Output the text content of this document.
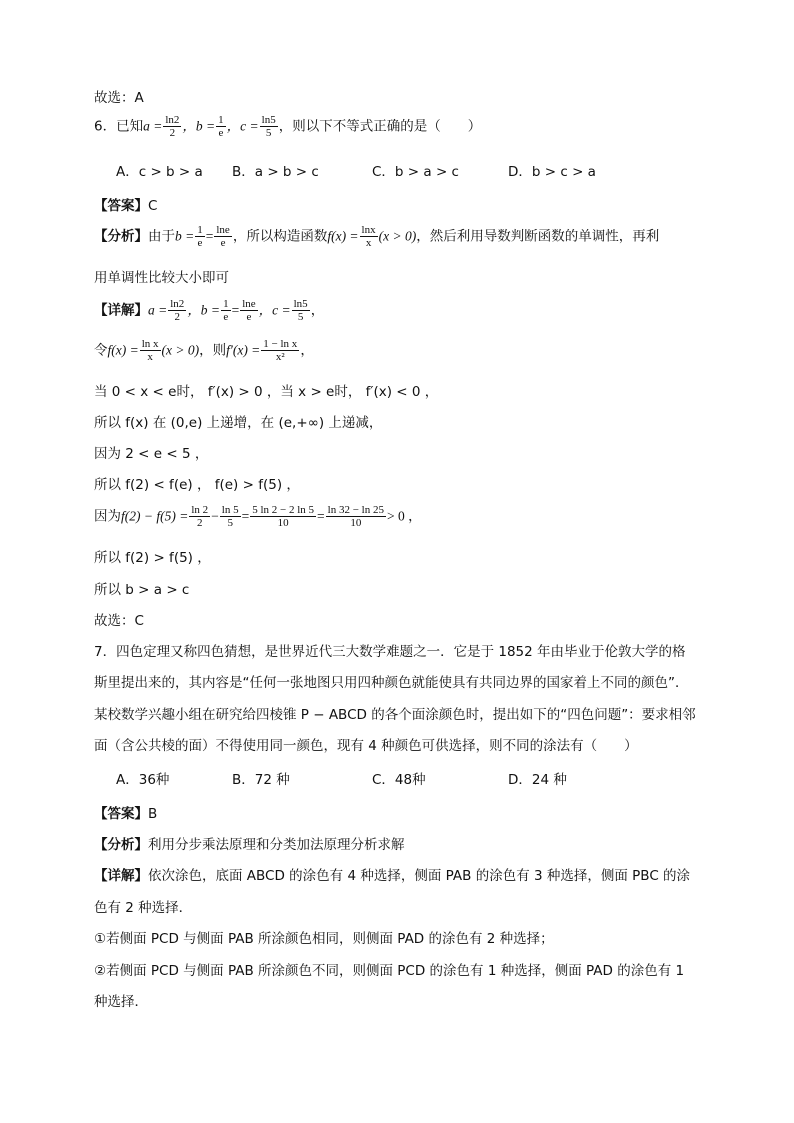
故选：A
6．已知$a = \frac{\ln 2}{2}$ ，$b = \frac{1}{e}$ ，$c = \frac{\ln 5}{5}$ ，则以下不等式正确的是（　　）
A．c > b > a B．a > b > c	C．b > a > c	D．b > c > a
【答案】C
【分析】由于$b = \frac{1}{e} = \frac{\ln e}{e}$ ，所以构造函数$f(x) = \frac{\ln x}{x} (x > 0)$，然后利用导数判断函数的单调性，再利
用单调性比较大小即可
【详解】$a = \frac{\ln 2}{2}$ ，$b = \frac{1}{e} = \frac{\ln e}{e}$ ，$c = \frac{\ln 5}{5}$ ，
令$f(x) = \frac{\text{ln x}}{x} (x > 0)$，则$f'(x) = \frac{\text{1 − ln x}}{\text{x²}}$ ，
当 0 < x < e时， f′(x) > 0 ，当 x > e时， f′(x) < 0 ，
所以 f(x) 在 (0,e) 上递增，在 (e,+∞) 上递减，
因为 2 < e < 5 ，
所以 f(2) < f(e) ， f(e) > f(5) ，
因为$f(2) - f(5) = \frac{\ln 2}{2} - \frac{\ln 5}{5} = \frac{5 \ln 2 - 2 \ln 5}{10} = \frac{\ln 32 - \ln 25}{10} > 0$ ，
所以 f(2) > f(5) ，
所以 b > a > c
故选：C
7．四色定理又称四色猜想，是世界近代三大数学难题之一．它是于 1852 年由毕业于伦敦大学的格
斯里提出来的，其内容是“任何一张地图只用四种颜色就能使具有共同边界的国家着上不同的颜色”．
某校数学兴趣小组在研究给四棱锥 P − ABCD 的各个面涂颜色时，提出如下的“四色问题”：要求相邻
面（含公共棱的面）不得使用同一颜色，现有 4 种颜色可供选择，则不同的涂法有（　　）
A．36种	B．72 种	C．48种	D．24 种
【答案】B
【分析】利用分步乘法原理和分类加法原理分析求解
【详解】依次涂色，底面 ABCD 的涂色有 4 种选择，侧面 PAB 的涂色有 3 种选择，侧面 PBC 的涂
色有 2 种选择．
①若侧面 PCD 与侧面 PAB 所涂颜色相同，则侧面 PAD 的涂色有 2 种选择；
②若侧面 PCD 与侧面 PAB 所涂颜色不同，则侧面 PCD 的涂色有 1 种选择，侧面 PAD 的涂色有 1
种选择．
